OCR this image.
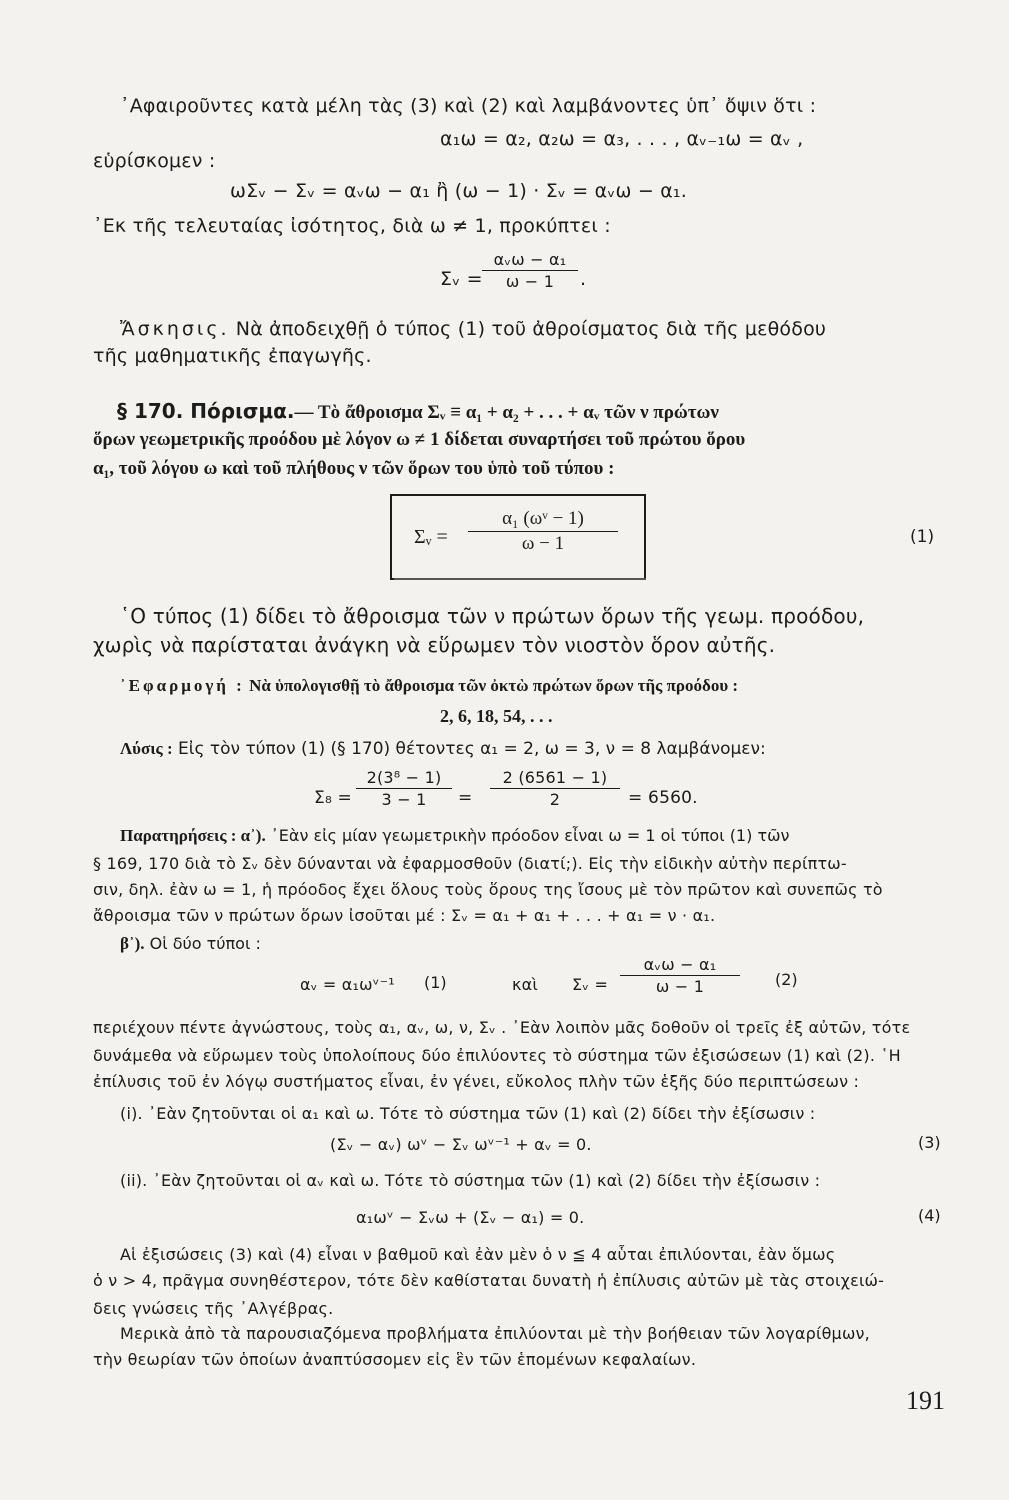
᾽Αφαιροῦντες κατὰ μέλη τὰς (3) καὶ (2) καὶ λαμβάνοντες ὑπ᾽ ὄψιν ὅτι :
α₁ω = α₂, α₂ω = α₃, . . . , αᵥ₋₁ω = αᵥ ,
εὑρίσκομεν :
ωΣᵥ − Σᵥ = αᵥω − α₁ ἢ (ω − 1) · Σᵥ = αᵥω − α₁.
᾽Εκ τῆς τελευταίας ἰσότητος, διὰ ω ≠ 1, προκύπτει :
Σᵥ =
αᵥω − α₁
ω − 1	.
Ἄσκησις. Νὰ ἀποδειχθῇ ὁ τύπος (1) τοῦ ἀθροίσματος διὰ τῆς μεθόδου
τῆς μαθηματικῆς ἐπαγωγῆς.
§ 170. Πόρισμα.— Τὸ ἄθροισμα Σᵥ ≡ α₁ + α₂ + . . . + αᵥ τῶν ν πρώτων
ὅρων γεωμετρικῆς προόδου μὲ λόγον ω ≠ 1 δίδεται συναρτήσει τοῦ πρώτου ὅρου
α₁, τοῦ λόγου ω καὶ τοῦ πλήθους ν τῶν ὅρων του ὑπὸ τοῦ τύπου :
Σᵥ = $\frac{\text{α₁ (ωᵛ − 1)}}{\omega - 1}$	(1)
῾Ο τύπος (1) δίδει τὸ ἄθροισμα τῶν ν πρώτων ὅρων τῆς γεωμ. προόδου,
χωρὶς νὰ παρίσταται ἀνάγκη νὰ εὕρωμεν τὸν νιοστὸν ὅρον αὐτῆς.
᾽Εφαρμογή : Νὰ ὑπολογισθῇ τὸ ἄθροισμα τῶν ὀκτὼ πρώτων ὅρων τῆς προόδου :
2, 6, 18, 54, . . .
Λύσις : Εἰς τὸν τύπον (1) (§ 170) θέτοντες α₁ = 2, ω = 3, ν = 8 λαμβάνομεν:
$\Sigma_8 = \frac{\text{2(3⁸ − 1)}}{3 - 1} = \frac{2 (6561 - 1)}{2} = 6560$.
Παρατηρήσεις : α᾽). ᾽Εὰν εἰς μίαν γεωμετρικὴν πρόοδον εἶναι ω = 1 οἱ τύποι (1) τῶν
§ 169, 170 διὰ τὸ Σᵥ δὲν δύνανται νὰ ἐφαρμοσθοῦν (διατί;). Εἰς τὴν εἰδικὴν αὐτὴν περίπτω-
σιν, δηλ. ἐὰν ω = 1, ἡ πρόοδος ἔχει ὅλους τοὺς ὅρους της ἴσους μὲ τὸν πρῶτον καὶ συνεπῶς τὸ
ἄθροισμα τῶν ν πρώτων ὅρων ἰσοῦται μέ : Σᵥ = α₁ + α₁ + . . . + α₁ = ν · α₁.
β᾽). Οἱ δύο τύποι :
αᵥ = α₁ωᵛ⁻¹ (1)	καὶ Σᵥ =
αᵥω − α₁
ω − 1	(2)
περιέχουν πέντε ἀγνώστους, τοὺς α₁, αᵥ, ω, ν, Σᵥ . ᾽Εὰν λοιπὸν μᾶς δοθοῦν οἱ τρεῖς ἐξ αὐτῶν, τότε
δυνάμεθα νὰ εὕρωμεν τοὺς ὑπολοίπους δύο ἐπιλύοντες τὸ σύστημα τῶν ἐξισώσεων (1) καὶ (2). ῾Η
ἐπίλυσις τοῦ ἐν λόγῳ συστήματος εἶναι, ἐν γένει, εὔκολος πλὴν τῶν ἑξῆς δύο περιπτώσεων :
(i). ᾽Εὰν ζητοῦνται οἱ α₁ καὶ ω. Τότε τὸ σύστημα τῶν (1) καὶ (2) δίδει τὴν ἐξίσωσιν :
(Σᵥ − αᵥ) ωᵛ − Σᵥ ωᵛ⁻¹ + αᵥ = 0.	(3)
(ii). ᾽Εὰν ζητοῦνται οἱ αᵥ καὶ ω. Τότε τὸ σύστημα τῶν (1) καὶ (2) δίδει τὴν ἐξίσωσιν :
α₁ωᵛ − Σᵥω + (Σᵥ − α₁) = 0.	(4)
Αἱ ἐξισώσεις (3) καὶ (4) εἶναι ν βαθμοῦ καὶ ἐὰν μὲν ὁ ν ≦ 4 αὗται ἐπιλύονται, ἐὰν ὅμως
ὁ ν > 4, πρᾶγμα συνηθέστερον, τότε δὲν καθίσταται δυνατὴ ἡ ἐπίλυσις αὐτῶν μὲ τὰς στοιχειώ-
δεις γνώσεις τῆς ᾽Αλγέβρας.
Μερικὰ ἀπὸ τὰ παρουσιαζόμενα προβλήματα ἐπιλύονται μὲ τὴν βοήθειαν τῶν λογαρίθμων,
τὴν θεωρίαν τῶν ὁποίων ἀναπτύσσομεν εἰς ἓν τῶν ἑπομένων κεφαλαίων.
191
